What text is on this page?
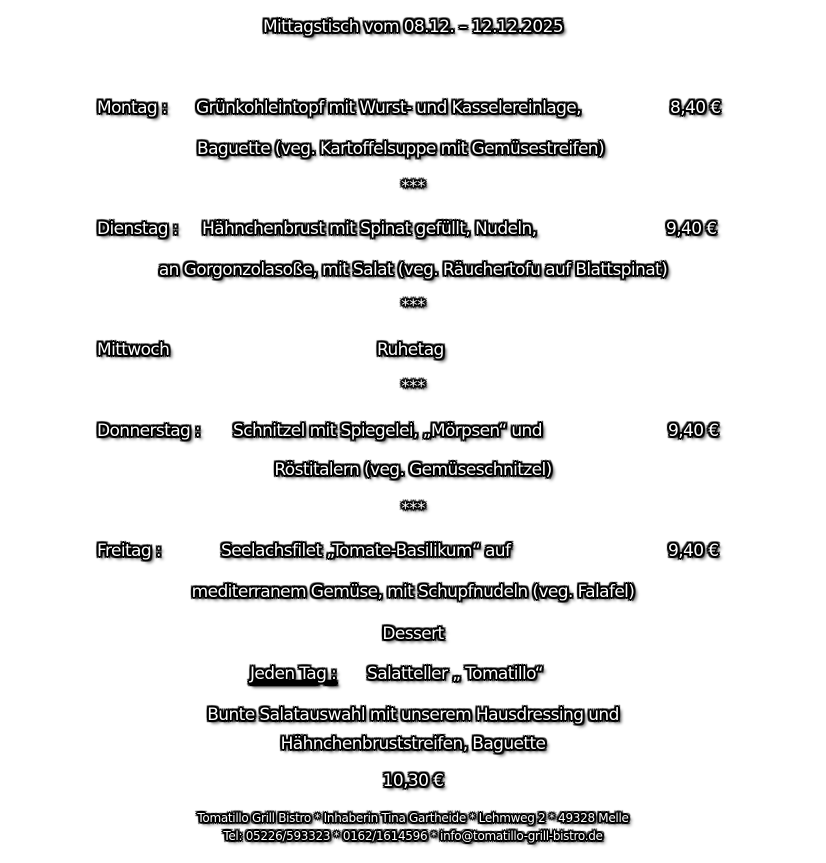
Mittagstisch vom 08.12. – 12.12.2025
Montag : Grünkohleintopf mit Wurst- und Kasselereinlage,	8,40 €
Baguette (veg. Kartoffelsuppe mit Gemüsestreifen)
***
Dienstag : Hähnchenbrust mit Spinat gefüllt, Nudeln,	9,40 €
an Gorgonzolasoße, mit Salat (veg. Räuchertofu auf Blattspinat)
***
Mittwoch	Ruhetag
***
Donnerstag : Schnitzel mit Spiegelei, „Mörpsen“ und	9,40 €
Röstitalern (veg. Gemüseschnitzel)
***
Freitag :	Seelachsfilet „Tomate-Basilikum“ auf	9,40 €
mediterranem Gemüse, mit Schupfnudeln (veg. Falafel)
Dessert
Jeden Tag : Salatteller „ Tomatillo“
Bunte Salatauswahl mit unserem Hausdressing und
Hähnchenbruststreifen, Baguette
10,30 €
Tomatillo Grill Bistro * Inhaberin Tina Gartheide * Lehmweg 2 * 49328 Melle
Tel: 05226/593323 * 0162/1614596 * info@tomatillo-grill-bistro.de
